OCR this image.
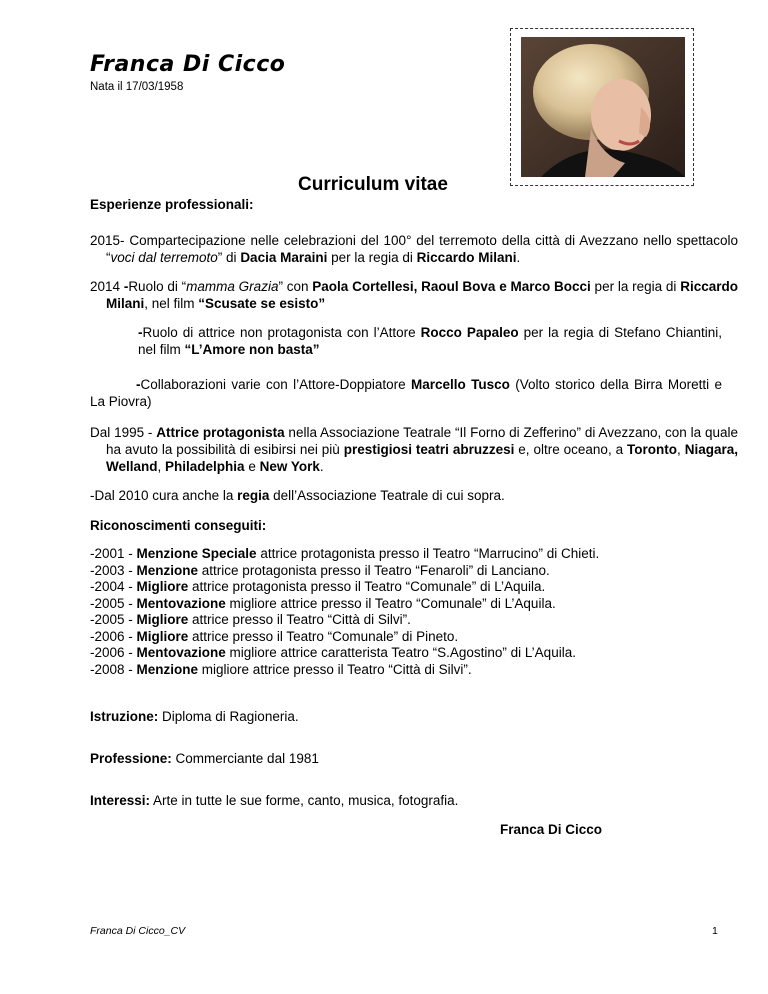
Franca Di Cicco
Nata il 17/03/1958
Curriculum vitae
Esperienze professionali:
2015- Compartecipazione nelle celebrazioni del 100° del terremoto della città di Avezzano nello spettacolo “voci dal terremoto” di Dacia Maraini per la regia di Riccardo Milani.
2014 -Ruolo di “mamma Grazia” con Paola Cortellesi, Raoul Bova e Marco Bocci per la regia di Riccardo Milani, nel film “Scusate se esisto”
-Ruolo di attrice non protagonista con l’Attore Rocco Papaleo per la regia di Stefano Chiantini, nel film “L’Amore non basta”
-Collaborazioni varie con l’Attore-Doppiatore Marcello Tusco (Volto storico della Birra Moretti e La Piovra)
Dal 1995 - Attrice protagonista nella Associazione Teatrale “Il Forno di Zefferino” di Avezzano, con la quale ha avuto la possibilità di esibirsi nei più prestigiosi teatri abruzzesi e, oltre oceano, a Toronto, Niagara, Welland, Philadelphia e New York.
-Dal 2010 cura anche la regia dell’Associazione Teatrale di cui sopra.
Riconoscimenti conseguiti:
-2001 - Menzione Speciale attrice protagonista presso il Teatro “Marrucino” di Chieti.
-2003 - Menzione attrice protagonista presso il Teatro “Fenaroli” di Lanciano.
-2004 - Migliore attrice protagonista presso il Teatro “Comunale” di L’Aquila.
-2005 - Mentovazione migliore attrice presso il Teatro “Comunale” di L’Aquila.
-2005 - Migliore attrice presso il Teatro “Città di Silvi”.
-2006 - Migliore attrice presso il Teatro “Comunale” di Pineto.
-2006 - Mentovazione migliore attrice caratterista Teatro “S.Agostino” di L’Aquila.
-2008 - Menzione migliore attrice presso il Teatro “Città di Silvi”.
Istruzione: Diploma di Ragioneria.
Professione: Commerciante dal 1981
Interessi: Arte in tutte le sue forme, canto, musica, fotografia.
Franca Di Cicco
Franca Di Cicco_CV	1
